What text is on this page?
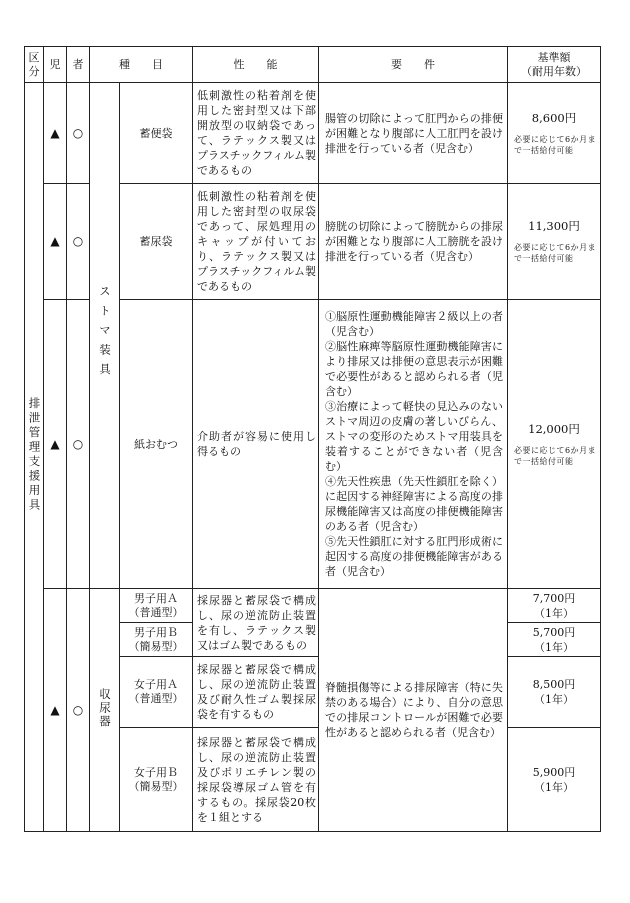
区
分	児	者	種　　目		性　　能	要　　件	基準額
（耐用年数）

排泄管理支援用具	▲	○	ストマ装具	蓄便袋	低刺激性の粘着剤を使用した密封型又は下部開放型の収納袋であって、ラテックス製又はプラスチックフィルム製であるもの	腸管の切除によって肛門からの排便が困難となり腹部に人工肛門を設け排泄を行っている者（児含む）	8,600円
必要に応じて6か月まで一括給付可能

	▲	○		蓄尿袋	低刺激性の粘着剤を使用した密封型の収尿袋であって、尿処理用のキャップが付いており、ラテックス製又はプラスチックフィルム製であるもの	膀胱の切除によって膀胱からの排尿が困難となり腹部に人工膀胱を設け排泄を行っている者（児含む）	11,300円
必要に応じて6か月まで一括給付可能

	▲	○		紙おむつ	介助者が容易に使用し得るもの	①脳原性運動機能障害２級以上の者（児含む）
②脳性麻痺等脳原性運動機能障害により排尿又は排便の意思表示が困難で必要性があると認められる者（児含む）
③治療によって軽快の見込みのないストマ周辺の皮膚の著しいびらん、ストマの変形のためストマ用装具を装着することができない者（児含む）
④先天性疾患（先天性鎖肛を除く）に起因する神経障害による高度の排尿機能障害又は高度の排便機能障害のある者（児含む）
⑤先天性鎖肛に対する肛門形成術に起因する高度の排便機能障害がある者（児含む）	12,000円
必要に応じて6か月まで一括給付可能

	▲	○	収尿器	男子用Ａ
（普通型）	採尿器と蓄尿袋で構成し、尿の逆流防止装置を有し、ラテックス製又はゴム製であるもの	脊髄損傷等による排尿障害（特に失禁のある場合）により、自分の意思での排尿コントロールが困難で必要性があると認められる者（児含む）	7,700円
（1年）

				男子用Ｂ
（簡易型）			5,700円
（1年）

				女子用Ａ
（普通型）	採尿器と蓄尿袋で構成し、尿の逆流防止装置及び耐久性ゴム製採尿袋を有するもの		8,500円
（1年）

				女子用Ｂ
（簡易型）	採尿器と蓄尿袋で構成し、尿の逆流防止装置及びポリエチレン製の採尿袋導尿ゴム管を有するもの。採尿袋20枚を１組とする		5,900円
（1年）
